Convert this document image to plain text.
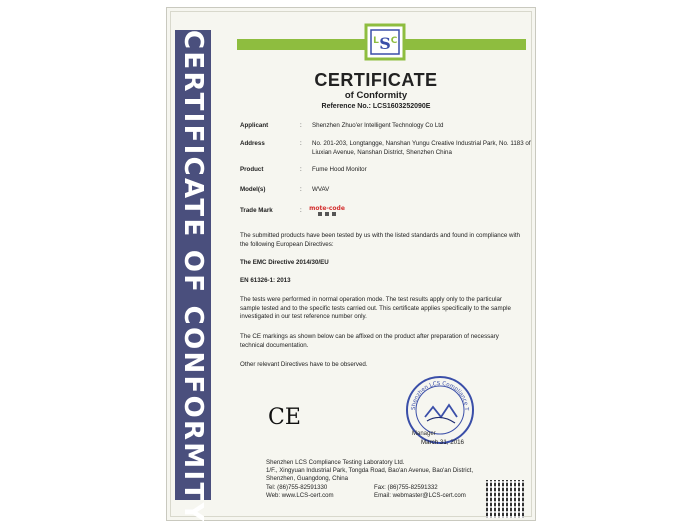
CERTIFICATE OF CONFORMITY	S
L C
CERTIFICATE
of Conformity
Reference No.: LCS1603252090E
Applicant	: Shenzhen Zhuo'er Intelligent Technology Co Ltd
Address	: No. 201-203, Longtangge, Nanshan Yungu Creative Industrial Park, No. 1183 of Liuxian Avenue, Nanshan District, Shenzhen China
Product	: Fume Hood Monitor
Model(s)	: WVAV
Trade Mark	: mote-code
The submitted products have been tested by us with the listed standards and found in compliance with the following European Directives:
The EMC Directive 2014/30/EU
EN 61326-1: 2013
The tests were performed in normal operation mode. The test results apply only to the particular sample tested and to the specific tests carried out. This certificate applies specifically to the sample investigated in our test reference number only.
The CE markings as shown below can be affixed on the product after preparation of necessary technical documentation.
Other relevant Directives have to be observed.
CE	Shenzhen LCS Compliance T
Manager
March 31, 2016
Shenzhen LCS Compliance Testing Laboratory Ltd.
1/F., Xingyuan Industrial Park, Tongda Road, Bao'an Avenue, Bao'an District,
Shenzhen, Guangdong, China
Tel: (86)755-82591330
Web: www.LCS-cert.com
Fax: (86)755-82591332
Email: webmaster@LCS-cert.com
